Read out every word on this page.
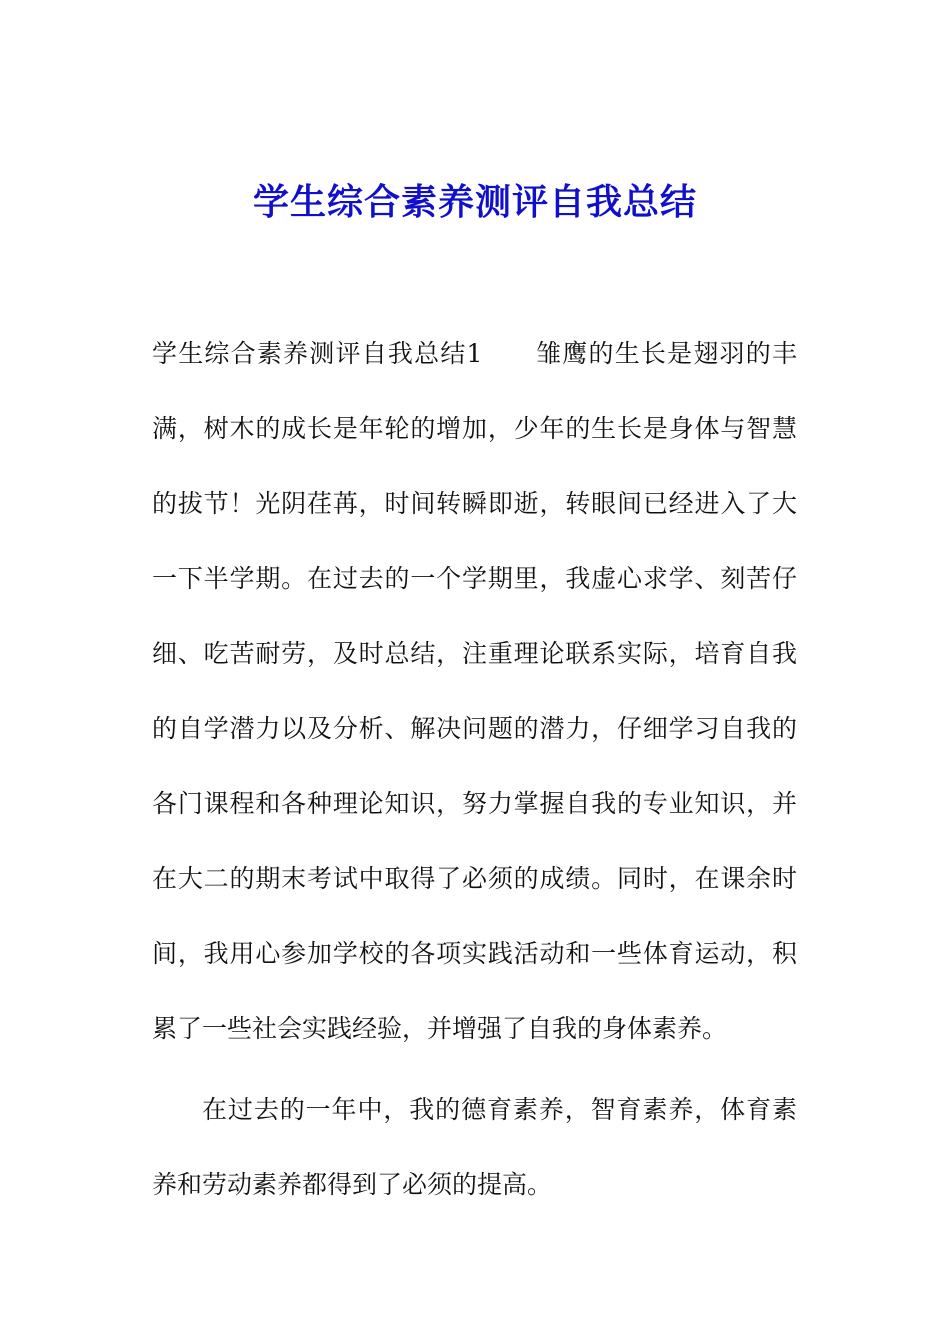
学生综合素养测评自我总结
学生综合素养测评自我总结1　　雏鹰的生长是翅羽的丰
满，树木的成长是年轮的增加，少年的生长是身体与智慧
的拔节！光阴荏苒，时间转瞬即逝，转眼间已经进入了大
一下半学期。在过去的一个学期里，我虚心求学、刻苦仔
细、吃苦耐劳，及时总结，注重理论联系实际，培育自我
的自学潜力以及分析、解决问题的潜力，仔细学习自我的
各门课程和各种理论知识，努力掌握自我的专业知识，并
在大二的期末考试中取得了必须的成绩。同时，在课余时
间，我用心参加学校的各项实践活动和一些体育运动，积
累了一些社会实践经验，并增强了自我的身体素养。
在过去的一年中，我的德育素养，智育素养，体育素
养和劳动素养都得到了必须的提高。
